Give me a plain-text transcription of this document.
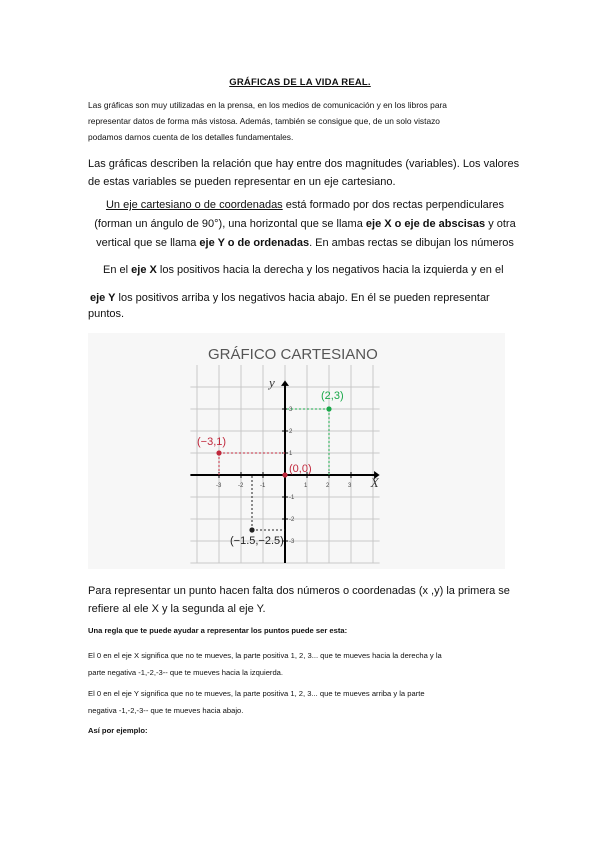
GRÁFICAS DE LA VIDA REAL.
Las gráficas son muy utilizadas en la prensa, en los medios de comunicación y en los libros para
representar datos de forma más vistosa. Además, también se consigue que, de un solo vistazo
podamos darnos cuenta de los detalles fundamentales.
Las gráficas describen la relación que hay entre dos magnitudes (variables). Los valores
de estas variables se pueden representar en un eje cartesiano.
Un eje cartesiano o de coordenadas está formado por dos rectas perpendiculares
(forman un ángulo de 90°), una horizontal que se llama eje X o eje de abscisas y otra
vertical que se llama eje Y o de ordenadas. En ambas rectas se dibujan los números
En el eje X los positivos hacia la derecha y los negativos hacia la izquierda y en el
eje Y los positivos arriba y los negativos hacia abajo. En él se pueden representar
puntos.
GRÁFICO CARTESIANO
X
y
-3	-2	-1	1	2	3
3
2
1
-1
-2
-3
(2,3)
(−3,1)
(0,0)
(−1.5,−2.5)
Para representar un punto hacen falta dos números o coordenadas (x ,y) la primera se
refiere al ele X y la segunda al eje Y.
Una regla que te puede ayudar a representar los puntos puede ser esta:
El 0 en el eje X significa que no te mueves, la parte positiva 1, 2, 3... que te mueves hacia la derecha y la
parte negativa -1,-2,-3-- que te mueves hacia la izquierda.
El 0 en el eje Y significa que no te mueves, la parte positiva 1, 2, 3... que te mueves arriba y la parte
negativa -1,-2,-3-- que te mueves hacia abajo.
Así por ejemplo:
